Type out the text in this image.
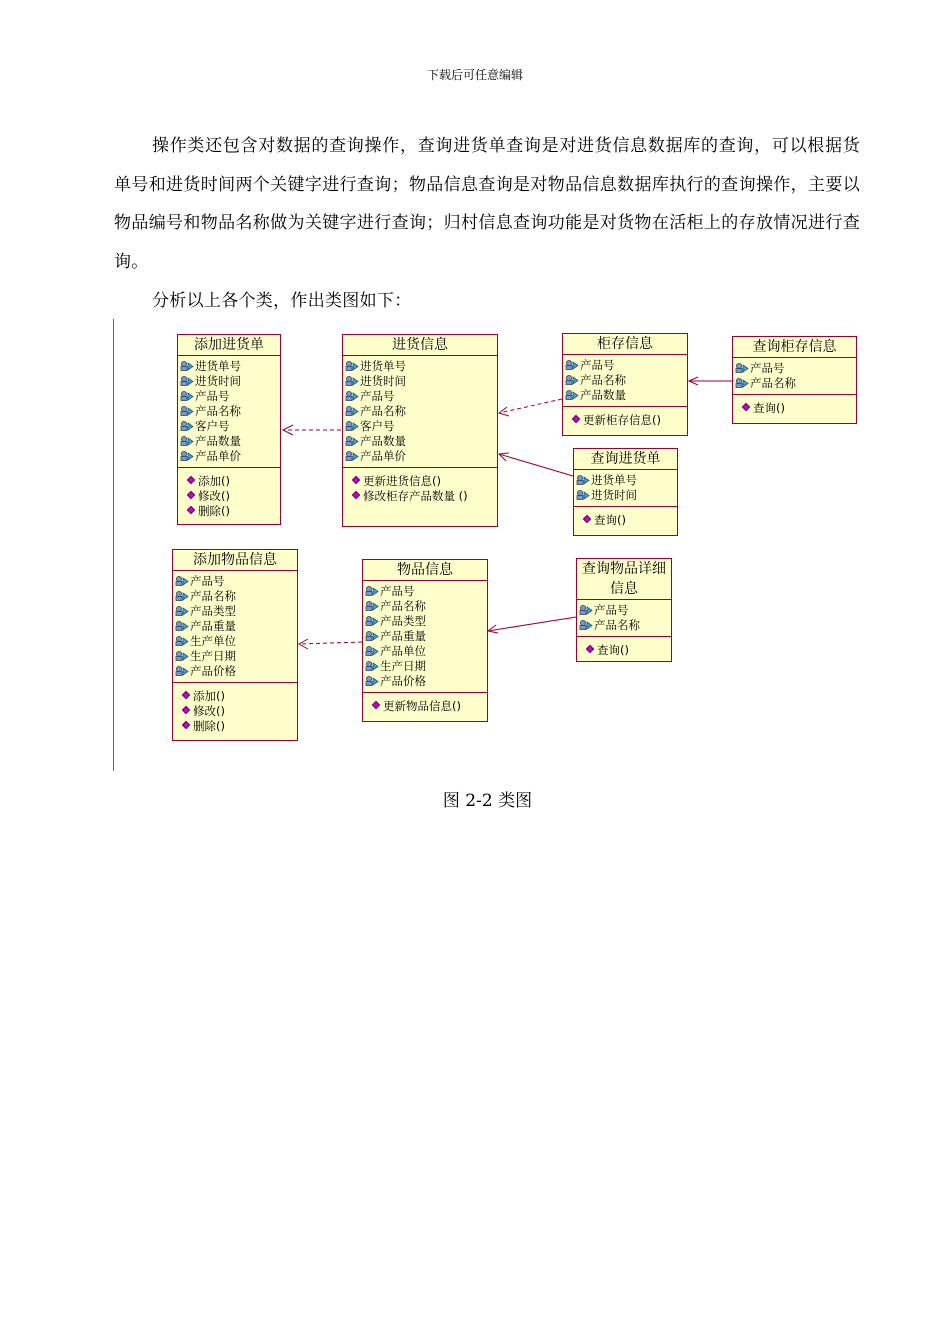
下载后可任意编辑

操作类还包含对数据的查询操作，查询进货单查询是对进货信息数据库的查询，可以根据货单号和进货时间两个关键字进行查询；物品信息查询是对物品信息数据库执行的查询操作，主要以物品编号和物品名称做为关键字进行查询；归村信息查询功能是对货物在活柜上的存放情况进行查询。

分析以上各个类，作出类图如下：

添加进货单
进货单号
进货时间
产品号
产品名称
客户号
产品数量
产品单价
添加()
修改()
删除()
进货信息
进货单号
进货时间
产品号
产品名称
客户号
产品数量
产品单价
更新进货信息()
修改柜存产品数量 ()
柜存信息
产品号
产品名称
产品数量
更新柜存信息()
查询柜存信息
产品号
产品名称
查询()
查询进货单
进货单号
进货时间
查询()
添加物品信息
产品号
产品名称
产品类型
产品重量
生产单位
生产日期
产品价格
添加()
修改()
删除()
物品信息
产品号
产品名称
产品类型
产品重量
产品单位
生产日期
产品价格
更新物品信息()
查询物品详细信息
产品号
产品名称
查询()
图 2-2 类图
